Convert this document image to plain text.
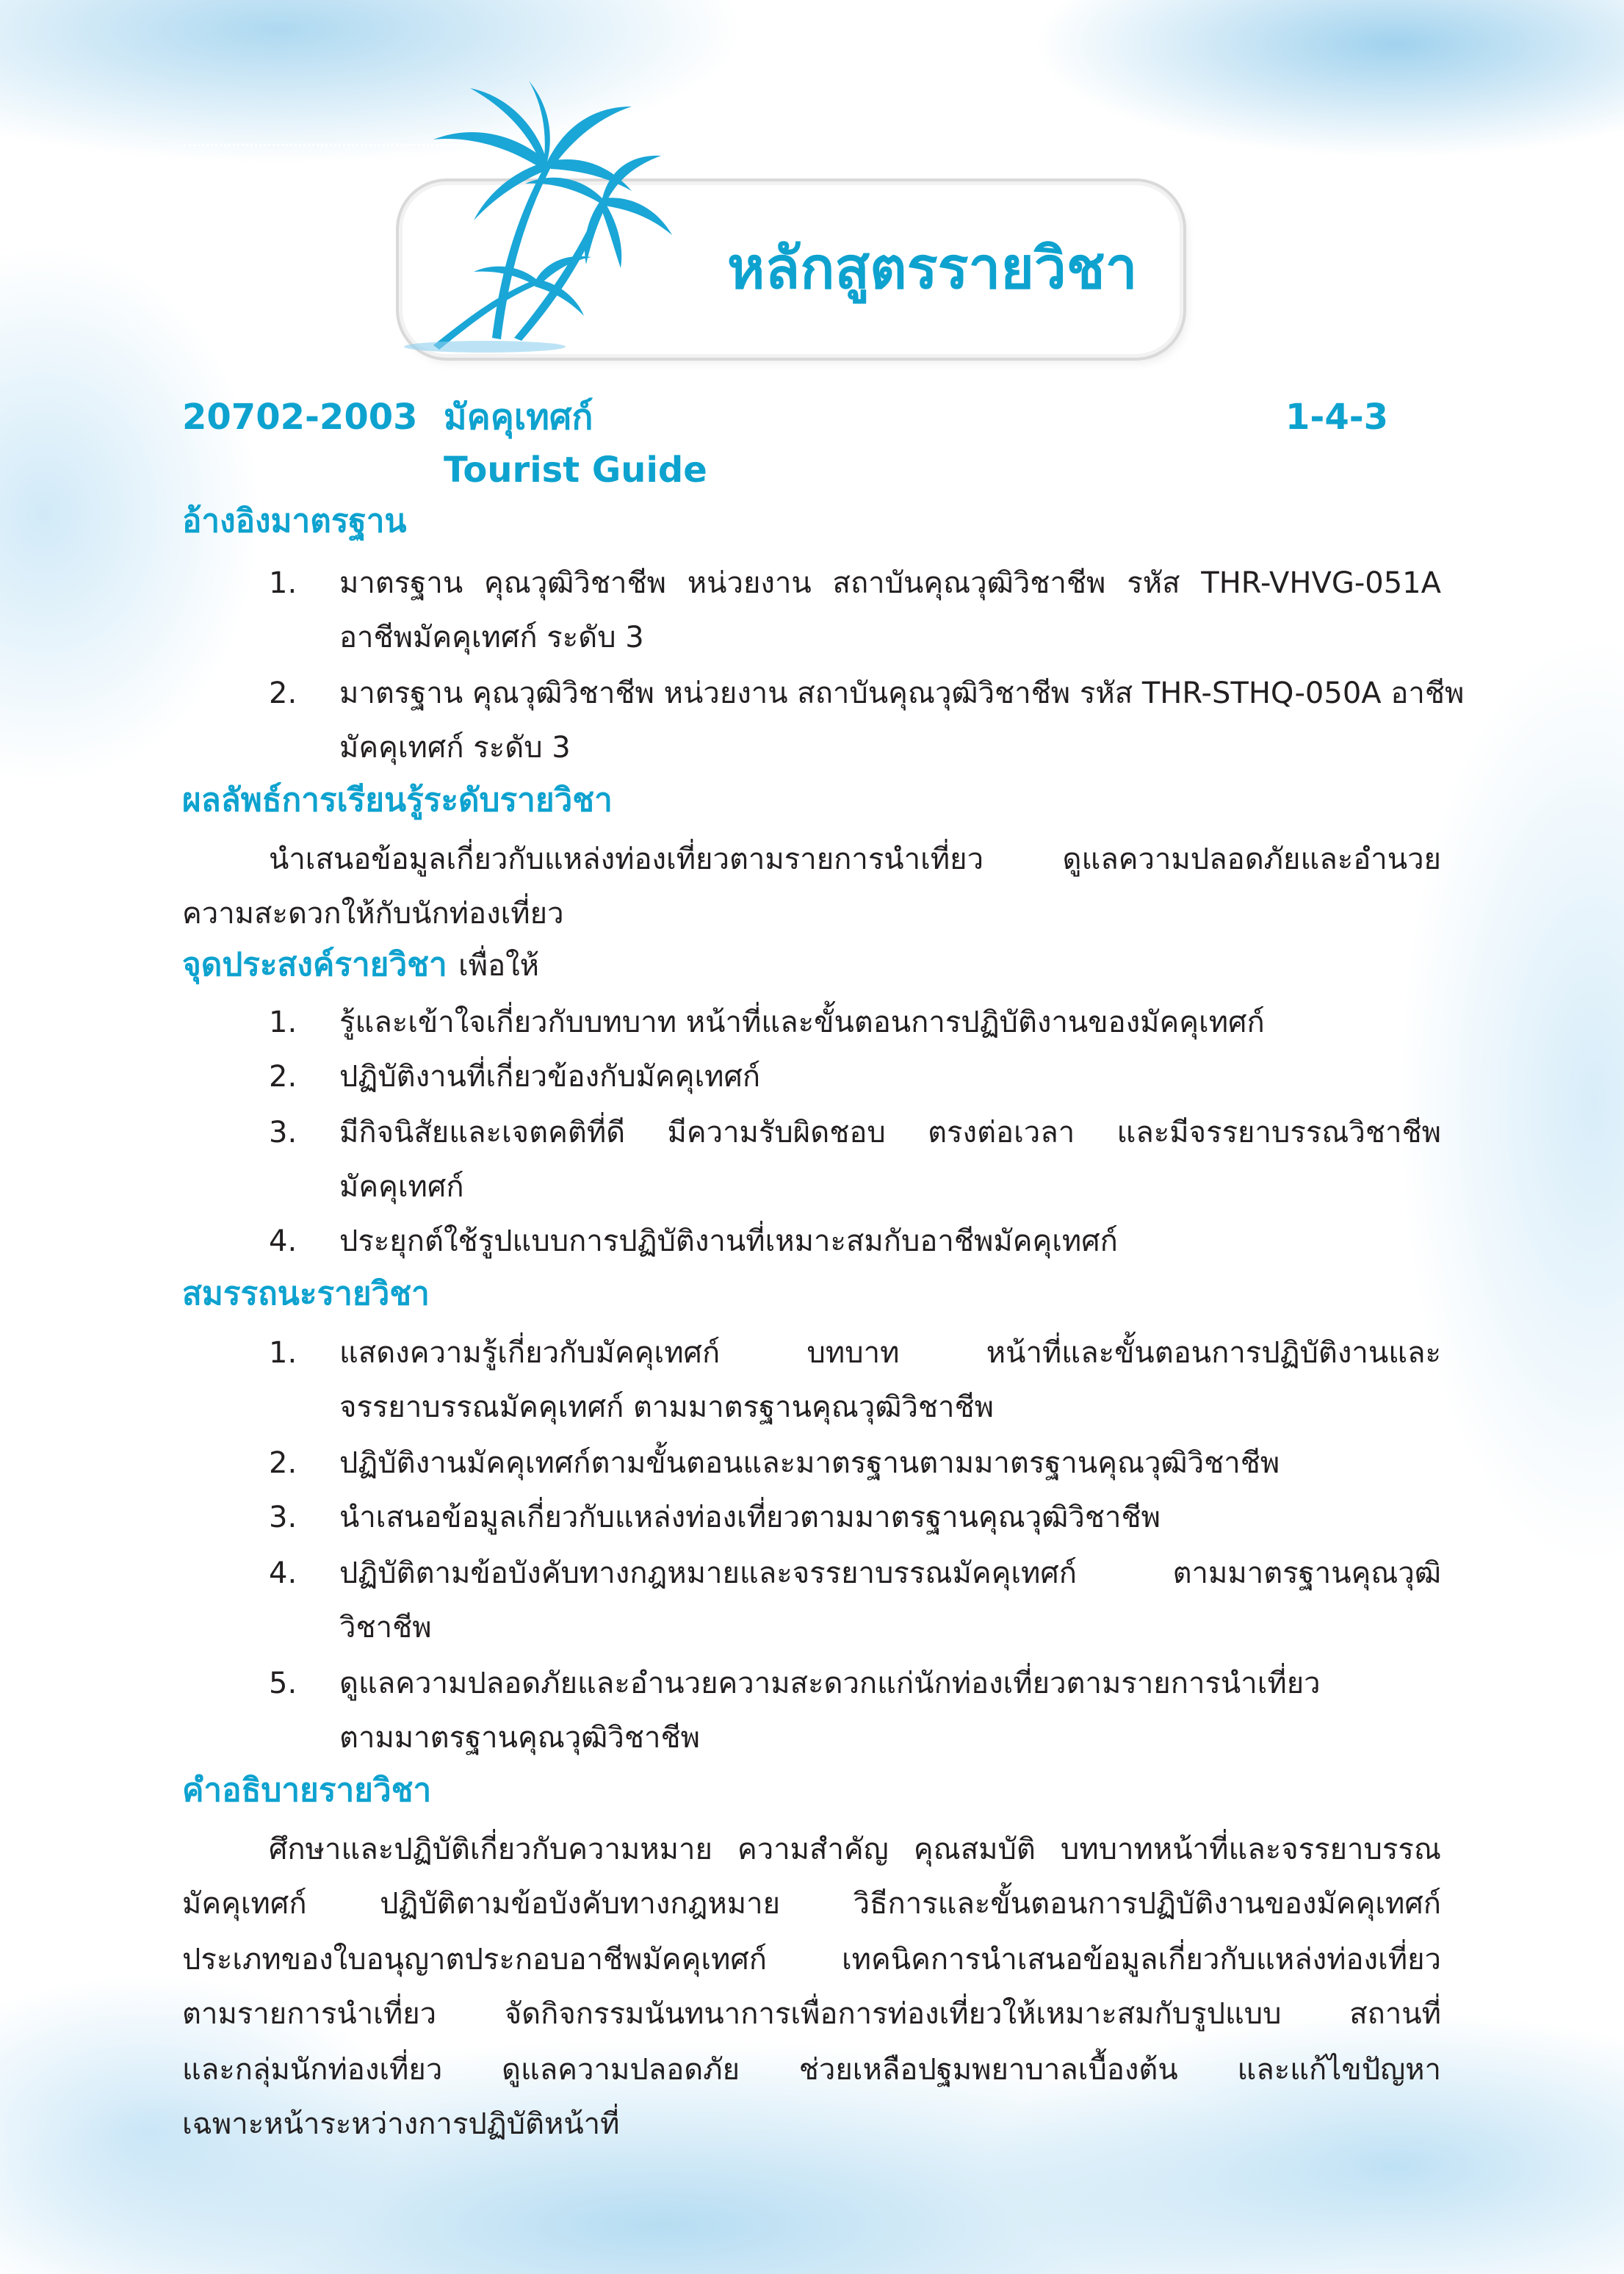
หลักสูตรรายวิชา
20702-2003 มัคคุเทศก์	1-4-3
Tourist Guide
อ้างอิงมาตรฐาน
1. มาตรฐาน คุณวุฒิวิชาชีพ หน่วยงาน สถาบันคุณวุฒิวิชาชีพ รหัส THR-VHVG-051A
อาชีพมัคคุเทศก์ ระดับ 3
2. มาตรฐาน คุณวุฒิวิชาชีพ หน่วยงาน สถาบันคุณวุฒิวิชาชีพ รหัส THR-STHQ-050A อาชีพ
มัคคุเทศก์ ระดับ 3
ผลลัพธ์การเรียนรู้ระดับรายวิชา
นำเสนอข้อมูลเกี่ยวกับแหล่งท่องเที่ยวตามรายการนำเที่ยว ดูแลความปลอดภัยและอำนวย
ความสะดวกให้กับนักท่องเที่ยว
จุดประสงค์รายวิชา เพื่อให้
1. รู้และเข้าใจเกี่ยวกับบทบาท หน้าที่และขั้นตอนการปฏิบัติงานของมัคคุเทศก์
2. ปฏิบัติงานที่เกี่ยวข้องกับมัคคุเทศก์
3. มีกิจนิสัยและเจตคติที่ดี มีความรับผิดชอบ ตรงต่อเวลา และมีจรรยาบรรณวิชาชีพ
มัคคุเทศก์
4. ประยุกต์ใช้รูปแบบการปฏิบัติงานที่เหมาะสมกับอาชีพมัคคุเทศก์
สมรรถนะรายวิชา
1. แสดงความรู้เกี่ยวกับมัคคุเทศก์ บทบาท หน้าที่และขั้นตอนการปฏิบัติงานและ
จรรยาบรรณมัคคุเทศก์ ตามมาตรฐานคุณวุฒิวิชาชีพ
2. ปฏิบัติงานมัคคุเทศก์ตามขั้นตอนและมาตรฐานตามมาตรฐานคุณวุฒิวิชาชีพ
3. นำเสนอข้อมูลเกี่ยวกับแหล่งท่องเที่ยวตามมาตรฐานคุณวุฒิวิชาชีพ
4. ปฏิบัติตามข้อบังคับทางกฎหมายและจรรยาบรรณมัคคุเทศก์ ตามมาตรฐานคุณวุฒิ
วิชาชีพ
5. ดูแลความปลอดภัยและอำนวยความสะดวกแก่นักท่องเที่ยวตามรายการนำเที่ยว
ตามมาตรฐานคุณวุฒิวิชาชีพ
คำอธิบายรายวิชา
ศึกษาและปฏิบัติเกี่ยวกับความหมาย ความสำคัญ คุณสมบัติ บทบาทหน้าที่และจรรยาบรรณ
มัคคุเทศก์ ปฏิบัติตามข้อบังคับทางกฎหมาย วิธีการและขั้นตอนการปฏิบัติงานของมัคคุเทศก์
ประเภทของใบอนุญาตประกอบอาชีพมัคคุเทศก์ เทคนิคการนำเสนอข้อมูลเกี่ยวกับแหล่งท่องเที่ยว
ตามรายการนำเที่ยว จัดกิจกรรมนันทนาการเพื่อการท่องเที่ยวให้เหมาะสมกับรูปแบบ สถานที่
และกลุ่มนักท่องเที่ยว ดูแลความปลอดภัย ช่วยเหลือปฐมพยาบาลเบื้องต้น และแก้ไขปัญหา
เฉพาะหน้าระหว่างการปฏิบัติหน้าที่
